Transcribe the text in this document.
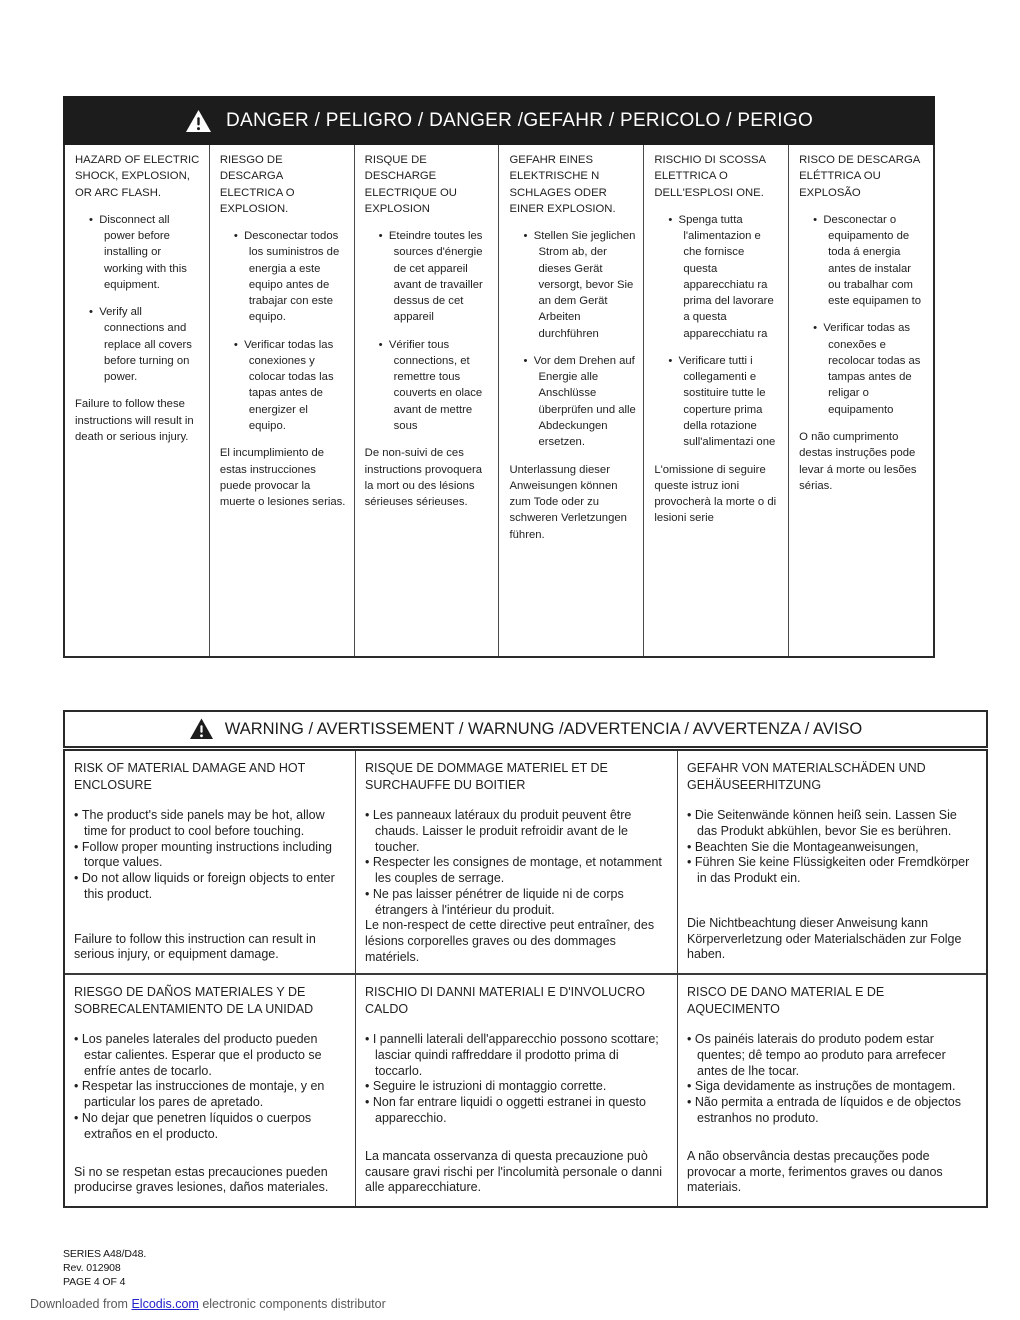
DANGER / PELIGRO / DANGER /GEFAHR / PERICOLO / PERIGO

HAZARD OF ELECTRIC SHOCK, EXPLOSION, OR ARC FLASH.

•  Disconnect all power before installing or working with this equipment.
•  Verify all connections and replace all covers before turning on power.

Failure to follow these instructions will result in death or serious injury.

RIESGO DE DESCARGA ELECTRICA O EXPLOSION.

•  Desconectar todos los suministros de energia a este equipo antes de trabajar con este equipo.
•  Verificar todas las conexiones y colocar todas las tapas antes de energizer el equipo.

El incumplimiento de estas instrucciones puede provocar la muerte o lesiones serias.

RISQUE DE DESCHARGE ELECTRIQUE OU EXPLOSION

•  Eteindre toutes les sources d'énergie de cet appareil avant de travailler dessus de cet appareil
•  Vérifier tous connections, et remettre tous couverts en olace avant de mettre sous

De non-suivi de ces instructions provoquera la mort ou des lésions sérieuses sérieuses.

GEFAHR EINES ELEKTRISCHE N SCHLAGES ODER EINER EXPLOSION.

•  Stellen Sie jeglichen Strom ab, der dieses Gerät versorgt, bevor Sie an dem Gerät Arbeiten durchführen
•  Vor dem Drehen auf Energie alle Anschlüsse überprüfen und alle Abdeckungen ersetzen.

Unterlassung dieser Anweisungen können zum Tode oder zu schweren Verletzungen führen.

RISCHIO DI SCOSSA ELETTRICA O DELL'ESPLOSI ONE.

•  Spenga tutta l'alimentazion e che fornisce questa apparecchiatu ra prima del lavorare a questa apparecchiatu ra
•  Verificare tutti i collegamenti e sostituire tutte le coperture prima della rotazione sull'alimentazi one

L'omissione di seguire queste istruz ioni provocherà la morte o di lesioni serie

RISCO DE DESCARGA ELÉTTRICA OU EXPLOSÃO

•  Desconectar o equipamento de toda á energia antes de instalar ou trabalhar com este equipamen to
•  Verificar todas as conexões e recolocar todas as tampas antes de religar o equipamento

O não cumprimento destas instruções pode levar á morte ou lesões sérias.

WARNING / AVERTISSEMENT / WARNUNG /ADVERTENCIA / AVVERTENZA / AVISO

RISK OF MATERIAL DAMAGE AND HOT ENCLOSURE

• The product's side panels may be hot, allow time for product to cool before touching.
• Follow proper mounting instructions including torque values.
• Do not allow liquids or foreign objects to enter this product.

Failure to follow this instruction can result in serious injury, or equipment damage.

RISQUE DE DOMMAGE MATERIEL ET DE SURCHAUFFE DU BOITIER

• Les panneaux latéraux du produit peuvent être chauds. Laisser le produit refroidir avant de le toucher.
• Respecter les consignes de montage, et notamment les couples de serrage.
• Ne pas laisser pénétrer de liquide ni de corps étrangers à l'intérieur du produit.

Le non-respect de cette directive peut entraîner, des lésions corporelles graves ou des dommages matériels.

GEFAHR VON MATERIALSCHÄDEN UND GEHÄUSEERHITZUNG

• Die Seitenwände können heiß sein. Lassen Sie das Produkt abkühlen, bevor Sie es berühren.
• Beachten Sie die Montageanweisungen,
• Führen Sie keine Flüssigkeiten oder Fremdkörper in das Produkt ein.

Die Nichtbeachtung dieser Anweisung kann Körperverletzung oder Materialschäden zur Folge haben.

RIESGO DE DAÑOS MATERIALES Y DE SOBRECALENTAMIENTO DE LA UNIDAD

• Los paneles laterales del producto pueden estar calientes. Esperar que el producto se enfríe antes de tocarlo.
• Respetar las instrucciones de montaje, y en particular los pares de apretado.
• No dejar que penetren líquidos o cuerpos extraños en el producto.

Si no se respetan estas precauciones pueden producirse graves lesiones, daños materiales.

RISCHIO DI DANNI MATERIALI E D'INVOLUCRO CALDO

• I pannelli laterali dell'apparecchio possono scottare; lasciar quindi raffreddare il prodotto prima di toccarlo.
• Seguire le istruzioni di montaggio corrette.
• Non far entrare liquidi o oggetti estranei in questo apparecchio.

La mancata osservanza di questa precauzione può causare gravi rischi per l'incolumità personale o danni alle apparecchiature.

RISCO DE DANO MATERIAL E DE AQUECIMENTO

• Os painéis laterais do produto podem estar quentes; dê tempo ao produto para arrefecer antes de lhe tocar.
• Siga devidamente as instruções de montagem.
• Não permita a entrada de líquidos e de objectos estranhos no produto.

A não observância destas precauções pode provocar a morte, ferimentos graves ou danos materiais.

SERIES A48/D48.
Rev. 012908
PAGE 4 OF 4
Downloaded from Elcodis.com electronic components distributor
